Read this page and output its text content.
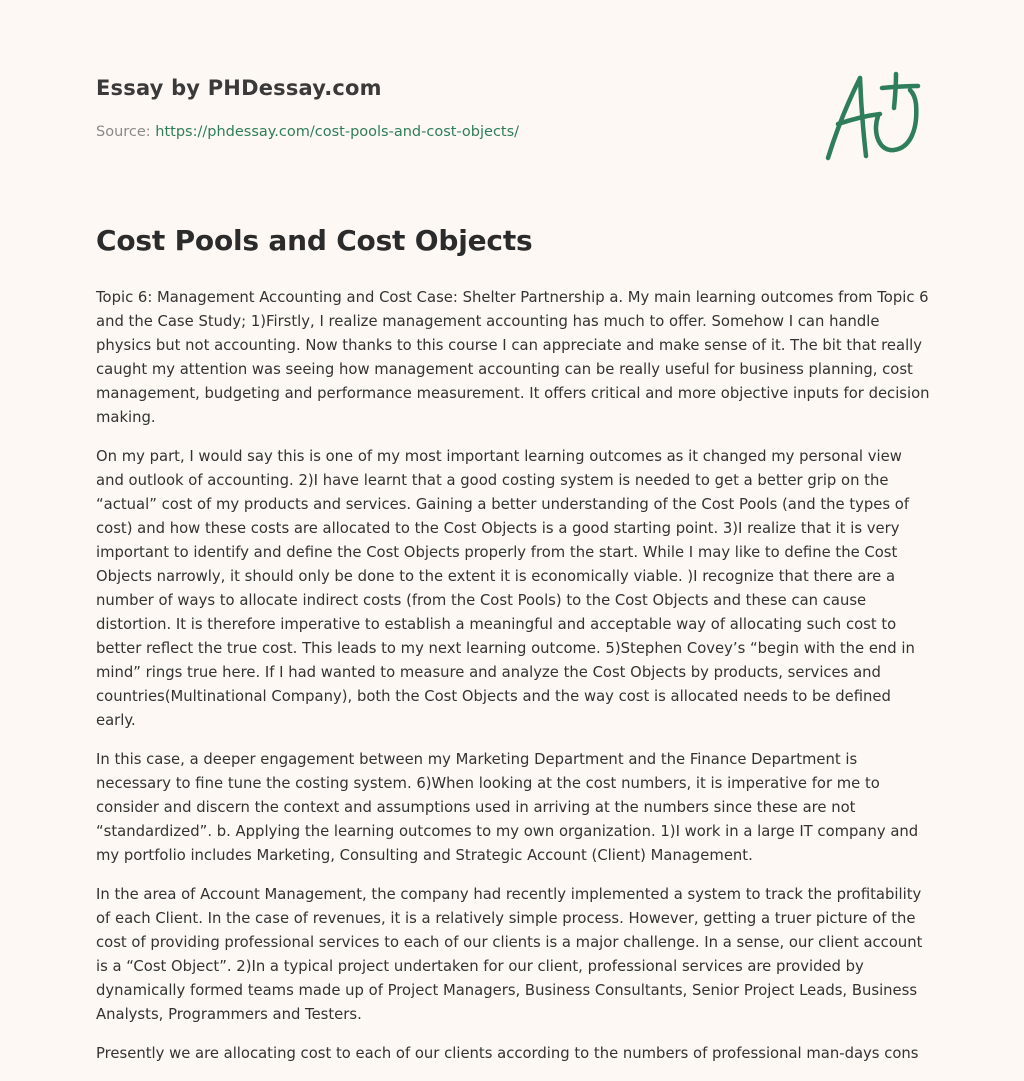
Essay by PHDessay.com

Source: https://phdessay.com/cost-pools-and-cost-objects/

Cost Pools and Cost Objects

Topic 6: Management Accounting and Cost Case: Shelter Partnership a. My main learning outcomes from Topic 6 and the Case Study; 1)Firstly, I realize management accounting has much to offer. Somehow I can handle physics but not accounting. Now thanks to this course I can appreciate and make sense of it. The bit that really caught my attention was seeing how management accounting can be really useful for business planning, cost management, budgeting and performance measurement. It offers critical and more objective inputs for decision making.

On my part, I would say this is one of my most important learning outcomes as it changed my personal view and outlook of accounting. 2)I have learnt that a good costing system is needed to get a better grip on the “actual” cost of my products and services. Gaining a better understanding of the Cost Pools (and the types of cost) and how these costs are allocated to the Cost Objects is a good starting point. 3)I realize that it is very important to identify and define the Cost Objects properly from the start. While I may like to define the Cost Objects narrowly, it should only be done to the extent it is economically viable. )I recognize that there are a number of ways to allocate indirect costs (from the Cost Pools) to the Cost Objects and these can cause distortion. It is therefore imperative to establish a meaningful and acceptable way of allocating such cost to better reflect the true cost. This leads to my next learning outcome. 5)Stephen Covey’s “begin with the end in mind” rings true here. If I had wanted to measure and analyze the Cost Objects by products, services and countries(Multinational Company), both the Cost Objects and the way cost is allocated needs to be defined early.

In this case, a deeper engagement between my Marketing Department and the Finance Department is necessary to fine tune the costing system. 6)When looking at the cost numbers, it is imperative for me to consider and discern the context and assumptions used in arriving at the numbers since these are not “standardized”. b. Applying the learning outcomes to my own organization. 1)I work in a large IT company and my portfolio includes Marketing, Consulting and Strategic Account (Client) Management.

In the area of Account Management, the company had recently implemented a system to track the profitability of each Client. In the case of revenues, it is a relatively simple process. However, getting a truer picture of the cost of providing professional services to each of our clients is a major challenge. In a sense, our client account is a “Cost Object”. 2)In a typical project undertaken for our client, professional services are provided by dynamically formed teams made up of Project Managers, Business Consultants, Senior Project Leads, Business Analysts, Programmers and Testers.

Presently we are allocating cost to each of our clients according to the numbers of professional man-days cons
